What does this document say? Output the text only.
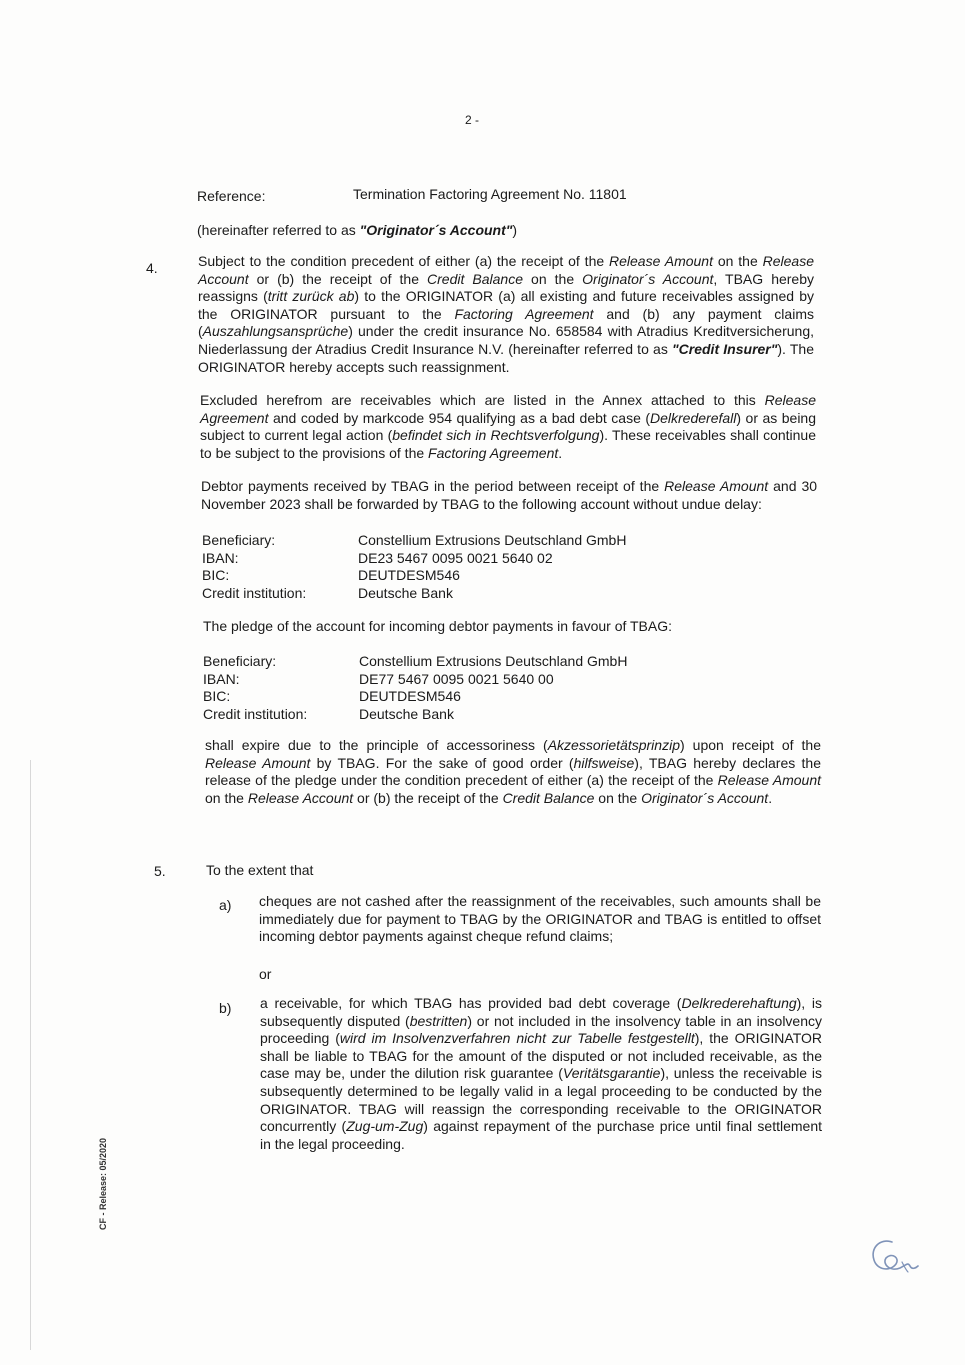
2 -
Reference:	Termination Factoring Agreement No. 11801
(hereinafter referred to as "Originator´s Account")
4.	Subject to the condition precedent of either (a) the receipt of the Release Amount on the Release Account or (b) the receipt of the Credit Balance on the Originator´s Account, TBAG hereby reassigns (tritt zurück ab) to the ORIGINATOR (a) all existing and future receivables assigned by the ORIGINATOR pursuant to the Factoring Agreement and (b) any payment claims (Auszahlungsansprüche) under the credit insurance No. 658584 with Atradius Kreditversicherung, Niederlassung der Atradius Credit Insurance N.V. (hereinafter referred to as "Credit Insurer"). The ORIGINATOR hereby accepts such reassignment.
Excluded herefrom are receivables which are listed in the Annex attached to this Release Agreement and coded by markcode 954 qualifying as a bad debt case (Delkrederefall) or as being subject to current legal action (befindet sich in Rechtsverfolgung). These receivables shall continue to be subject to the provisions of the Factoring Agreement.
Debtor payments received by TBAG in the period between receipt of the Release Amount and 30 November 2023 shall be forwarded by TBAG to the following account without undue delay:
Beneficiary:	Constellium Extrusions Deutschland GmbH
IBAN:	DE23 5467 0095 0021 5640 02
BIC:	DEUTDESM546
Credit institution:	Deutsche Bank
The pledge of the account for incoming debtor payments in favour of TBAG:
Beneficiary:	Constellium Extrusions Deutschland GmbH
IBAN:	DE77 5467 0095 0021 5640 00
BIC:	DEUTDESM546
Credit institution:	Deutsche Bank
shall expire due to the principle of accessoriness (Akzessorietätsprinzip) upon receipt of the Release Amount by TBAG. For the sake of good order (hilfsweise), TBAG hereby declares the release of the pledge under the condition precedent of either (a) the receipt of the Release Amount on the Release Account or (b) the receipt of the Credit Balance on the Originator´s Account.
5.	To the extent that
a) cheques are not cashed after the reassignment of the receivables, such amounts shall be immediately due for payment to TBAG by the ORIGINATOR and TBAG is entitled to offset incoming debtor payments against cheque refund claims;
or
b) a receivable, for which TBAG has provided bad debt coverage (Delkrederehaftung), is subsequently disputed (bestritten) or not included in the insolvency table in an insolvency proceeding (wird im Insolvenzverfahren nicht zur Tabelle festgestellt), the ORIGINATOR shall be liable to TBAG for the amount of the disputed or not included receivable, as the case may be, under the dilution risk guarantee (Veritätsgarantie), unless the receivable is subsequently determined to be legally valid in a legal proceeding to be conducted by the ORIGINATOR. TBAG will reassign the corresponding receivable to the ORIGINATOR concurrently (Zug-um-Zug) against repayment of the purchase price until final settlement in the legal proceeding.
CF - Release: 05/2020
